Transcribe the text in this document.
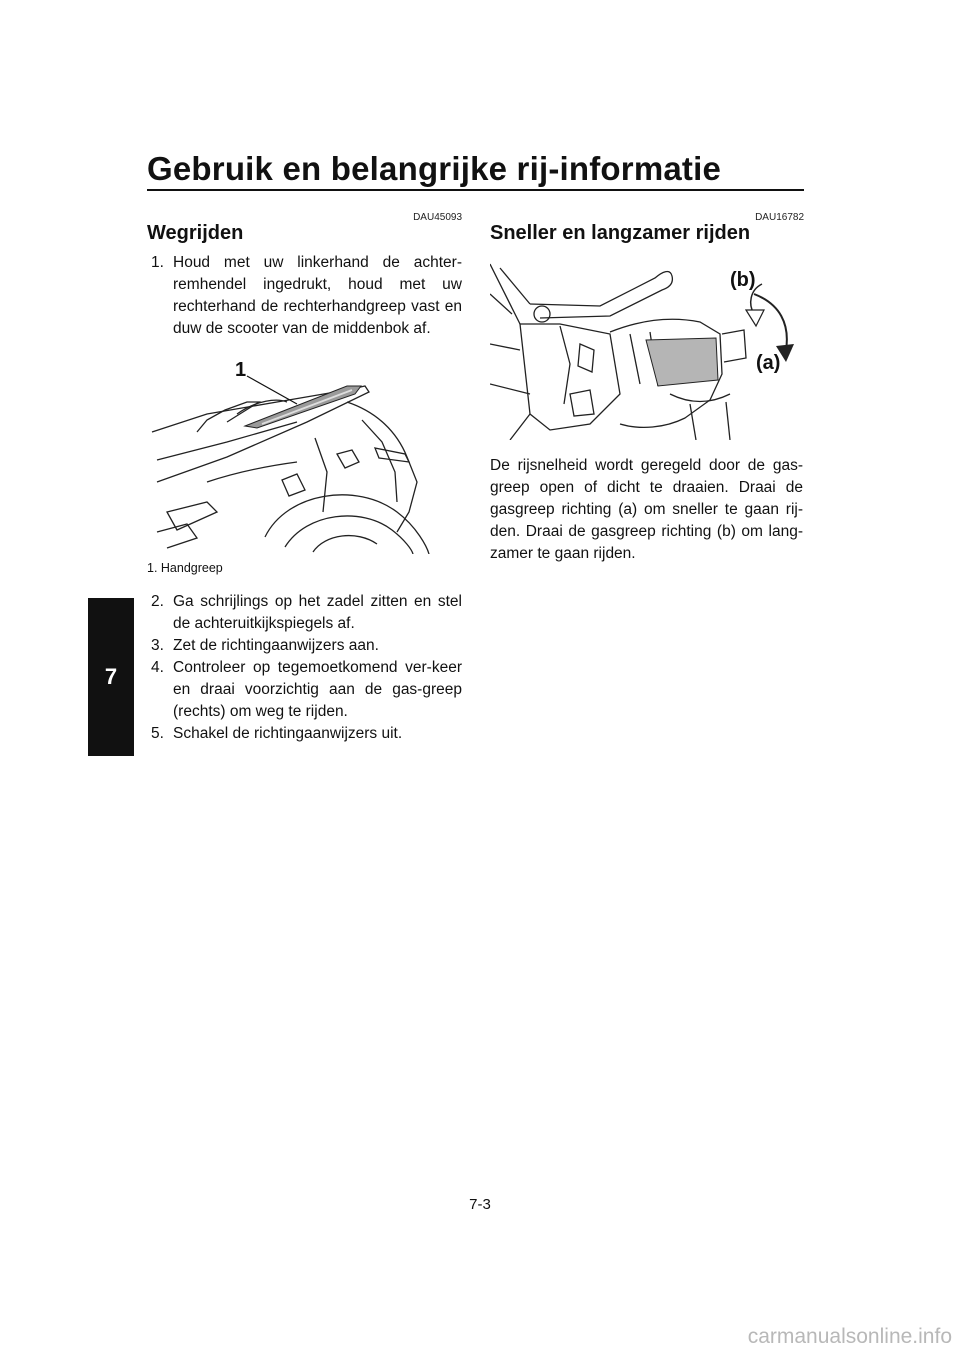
Gebruik en belangrijke rij-informatie
7
DAU45093
Wegrijden
1. Houd met uw linkerhand de achter-remhendel ingedrukt, houd met uw rechterhand de rechterhandgreep vast en duw de scooter van de middenbok af.
1
1. Handgreep
2. Ga schrijlings op het zadel zitten en stel de achteruitkijkspiegels af.
3. Zet de richtingaanwijzers aan.
4. Controleer op tegemoetkomend ver-keer en draai voorzichtig aan de gas-greep (rechts) om weg te rijden.
5. Schakel de richtingaanwijzers uit.
DAU16782
Sneller en langzamer rijden
(b)
(a)

De rijsnelheid wordt geregeld door de gas-greep open of dicht te draaien. Draai de gasgreep richting (a) om sneller te gaan rij-den. Draai de gasgreep richting (b) om lang-zamer te gaan rijden.

7-3
carmanualsonline.info
